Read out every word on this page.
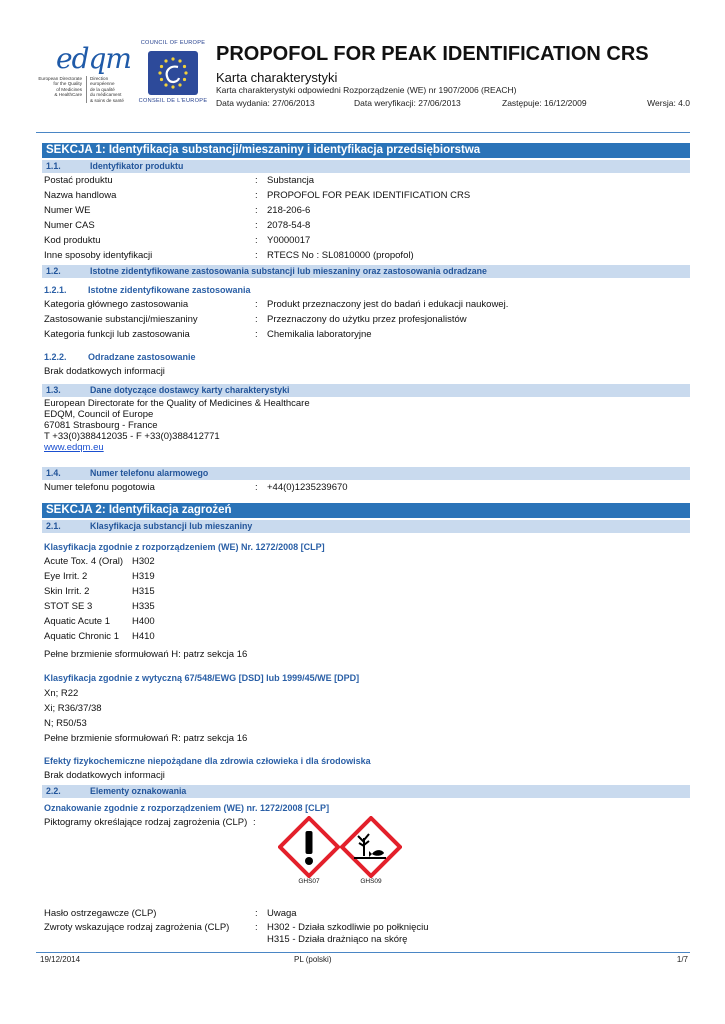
edqm
European Directorate
for the Quality
of Medicines
& HealthCare
Direction européenne
de la qualité
du médicament
& soins de santé
COUNCIL OF EUROPE
CONSEIL DE L'EUROPE
PROPOFOL FOR PEAK IDENTIFICATION CRS
Karta charakterystyki
Karta charakterystyki odpowiedni Rozporządzenie (WE) nr 1907/2006 (REACH)
Data wydania: 27/06/2013	Data weryfikacji: 27/06/2013	Zastępuje: 16/12/2009	Wersja: 4.0
SEKCJA 1: Identyfikacja substancji/mieszaniny i identyfikacja przedsiębiorstwa
1.1.	Identyfikator produktu
Postać produktu	: Substancja
Nazwa handlowa	: PROPOFOL FOR PEAK IDENTIFICATION CRS
Numer WE	: 218-206-6
Numer CAS	: 2078-54-8
Kod produktu	: Y0000017
Inne sposoby identyfikacji	: RTECS No : SL0810000 (propofol)
1.2.	Istotne zidentyfikowane zastosowania substancji lub mieszaniny oraz zastosowania odradzane
1.2.1.	Istotne zidentyfikowane zastosowania
Kategoria głównego zastosowania	: Produkt przeznaczony jest do badań i edukacji naukowej.
Zastosowanie substancji/mieszaniny	: Przeznaczony do użytku przez profesjonalistów
Kategoria funkcji lub zastosowania	: Chemikalia laboratoryjne
1.2.2.	Odradzane zastosowanie
Brak dodatkowych informacji
1.3.	Dane dotyczące dostawcy karty charakterystyki
European Directorate for the Quality of Medicines & Healthcare
EDQM, Council of Europe
67081 Strasbourg - France
T +33(0)388412035 - F +33(0)388412771
www.edqm.eu
1.4.	Numer telefonu alarmowego
Numer telefonu pogotowia	: +44(0)1235239670
SEKCJA 2: Identyfikacja zagrożeń
2.1.	Klasyfikacja substancji lub mieszaniny
Klasyfikacja zgodnie z rozporządzeniem (WE) Nr. 1272/2008 [CLP]
Acute Tox. 4 (Oral) H302
Eye Irrit. 2	H319
Skin Irrit. 2	H315
STOT SE 3	H335
Aquatic Acute 1	H400
Aquatic Chronic 1	H410
Pełne brzmienie sformułowań H: patrz sekcja 16
Klasyfikacja zgodnie z wytyczną 67/548/EWG [DSD] lub 1999/45/WE [DPD]
Xn; R22
Xi; R36/37/38
N; R50/53
Pełne brzmienie sformułowań R: patrz sekcja 16
Efekty fizykochemiczne niepożądane dla zdrowia człowieka i dla środowiska
Brak dodatkowych informacji
2.2.	Elementy oznakowania
Oznakowanie zgodnie z rozporządzeniem (WE) nr. 1272/2008 [CLP]
Piktogramy określające rodzaj zagrożenia (CLP) :
GHS07	GHS09
Hasło ostrzegawcze (CLP)	: Uwaga
Zwroty wskazujące rodzaj zagrożenia (CLP)	: H302 - Działa szkodliwie po połknięciu
H315 - Działa drażniąco na skórę
19/12/2014	PL (polski)	1/7
